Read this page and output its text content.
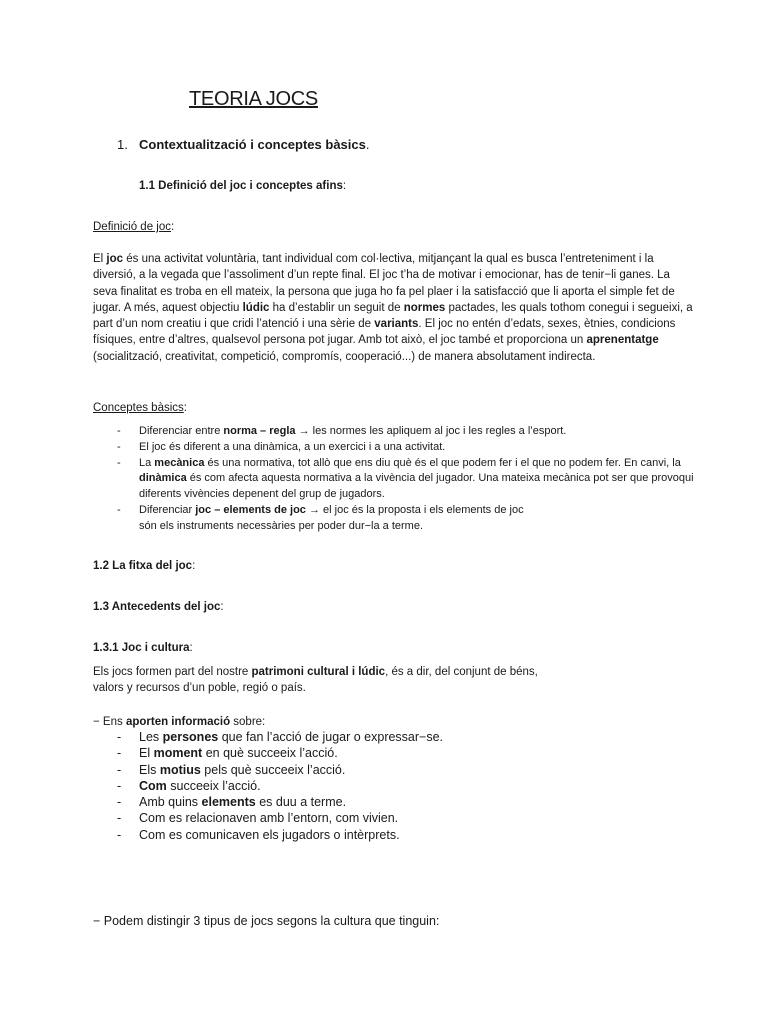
TEORIA JOCS
1. Contextualització i conceptes bàsics.
1.1 Definició del joc i conceptes afins:
Definició de joc:
El joc és una activitat voluntària, tant individual com col·lectiva, mitjançant la qual es busca l’entreteniment i la diversió, a la vegada que l’assoliment d’un repte final. El joc t’ha de motivar i emocionar, has de tenir−li ganes. La seva finalitat es troba en ell mateix, la persona que juga ho fa pel plaer i la satisfacció que li aporta el simple fet de jugar. A més, aquest objectiu lúdic ha d’establir un seguit de normes pactades, les quals tothom conegui i segueixi, a part d’un nom creatiu i que cridi l’atenció i una sèrie de variants. El joc no entén d’edats, sexes, ètnies, condicions físiques, entre d’altres, qualsevol persona pot jugar. Amb tot això, el joc també et proporciona un aprenentatge (socialització, creativitat, competició, compromís, cooperació...) de manera absolutament indirecta.
Conceptes bàsics:
- Diferenciar entre norma – regla → les normes les apliquem al joc i les regles a l’esport.
- El joc és diferent a una dinàmica, a un exercici i a una activitat.
- La mecànica és una normativa, tot allò que ens diu què és el que podem fer i el que no podem fer. En canvi, la dinàmica és com afecta aquesta normativa a la vivència del jugador. Una mateixa mecànica pot ser que provoqui diferents vivències depenent del grup de jugadors.
- Diferenciar joc – elements de joc → el joc és la proposta i els elements de joc
són els instruments necessàries per poder dur−la a terme.
1.2 La fitxa del joc:
1.3 Antecedents del joc:
1.3.1 Joc i cultura:
Els jocs formen part del nostre patrimoni cultural i lúdic, és a dir, del conjunt de béns,
valors y recursos d’un poble, regió o país.
− Ens aporten informació sobre:
- Les persones que fan l’acció de jugar o expressar−se.
- El moment en què succeeix l’acció.
- Els motius pels què succeeix l’acció.
- Com succeeix l’acció.
- Amb quins elements es duu a terme.
- Com es relacionaven amb l’entorn, com vivien.
- Com es comunicaven els jugadors o intèrprets.
− Podem distingir 3 tipus de jocs segons la cultura que tinguin:
